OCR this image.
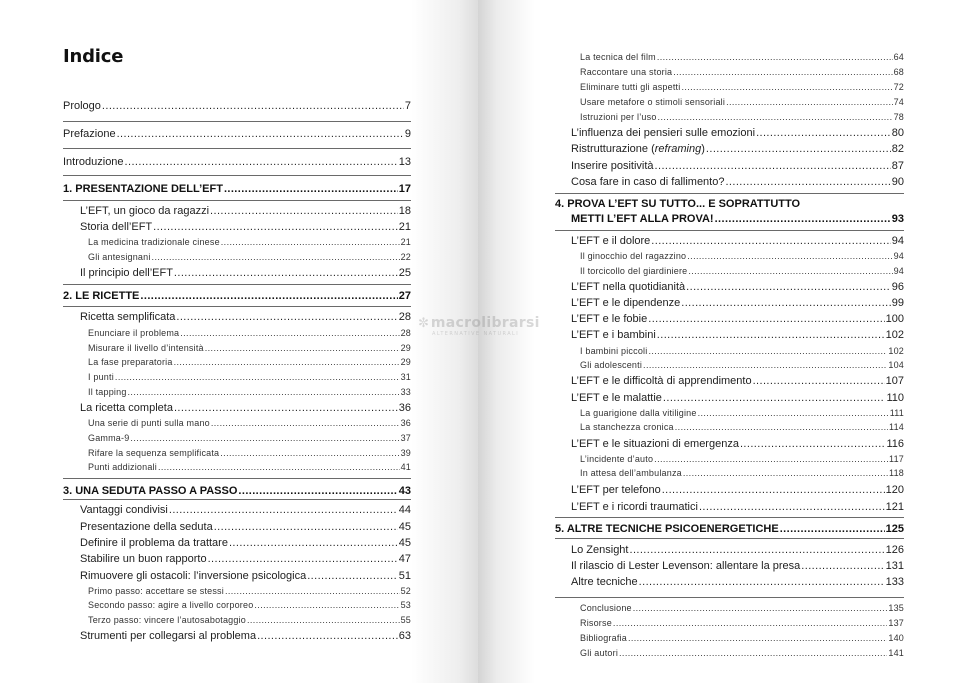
Indice
Prologo .....	7
Prefazione .....	9
Introduzione .....	13
1. PRESENTAZIONE DELL’EFT .....	17
L’EFT, un gioco da ragazzi .....	18
Storia dell’EFT .....	21
La medicina tradizionale cinese .....	21
Gli antesignani .....	22
Il principio dell’EFT .....	25
2. LE RICETTE .....	27
Ricetta semplificata .....	28
Enunciare il problema .....	28
Misurare il livello d’intensità .....	29
La fase preparatoria .....	29
I punti .....	31
Il tapping .....	33
La ricetta completa .....	36
Una serie di punti sulla mano .....	36
Gamma-9 .....	37
Rifare la sequenza semplificata .....	39
Punti addizionali .....	41
3. UNA SEDUTA PASSO A PASSO .....	43
Vantaggi condivisi .....	44
Presentazione della seduta .....	45
Definire il problema da trattare .....	45
Stabilire un buon rapporto .....	47
Rimuovere gli ostacoli: l’inversione psicologica .....	51
Primo passo: accettare se stessi .....	52
Secondo passo: agire a livello corporeo .....	53
Terzo passo: vincere l’autosabotaggio .....	55
Strumenti per collegarsi al problema .....	63
La tecnica del film .....	64
Raccontare una storia .....	68
Eliminare tutti gli aspetti .....	72
Usare metafore o stimoli sensoriali .....	74
Istruzioni per l’uso .....	78
L’influenza dei pensieri sulle emozioni .....	80
Ristrutturazione (reframing) .....	82
Inserire positività .....	87
Cosa fare in caso di fallimento? .....	90
4. PROVA L’EFT SU TUTTO... E SOPRATTUTTO
METTI L’EFT ALLA PROVA! .....	93
L’EFT e il dolore .....	94
Il ginocchio del ragazzino .....	94
Il torcicollo del giardiniere .....	94
L’EFT nella quotidianità .....	96
L’EFT e le dipendenze .....	99
L’EFT e le fobie .....	100
L’EFT e i bambini .....	102
I bambini piccoli .....	102
Gli adolescenti .....	104
L’EFT e le difficoltà di apprendimento .....	107
L’EFT e le malattie .....	110
La guarigione dalla vitiligine .....	111
La stanchezza cronica .....	114
L’EFT e le situazioni di emergenza .....	116
L’incidente d’auto .....	117
In attesa dell’ambulanza .....	118
L’EFT per telefono .....	120
L’EFT e i ricordi traumatici .....	121
5. ALTRE TECNICHE PSICOENERGETICHE .....	125
Lo Zensight .....	126
Il rilascio di Lester Levenson: allentare la presa .....	131
Altre tecniche .....	133
Conclusione .....	135
Risorse .....	137
Bibliografia .....	140
Gli autori .....	141
✼ macrolibrarsi
ALTERNATIVE NATURALI
